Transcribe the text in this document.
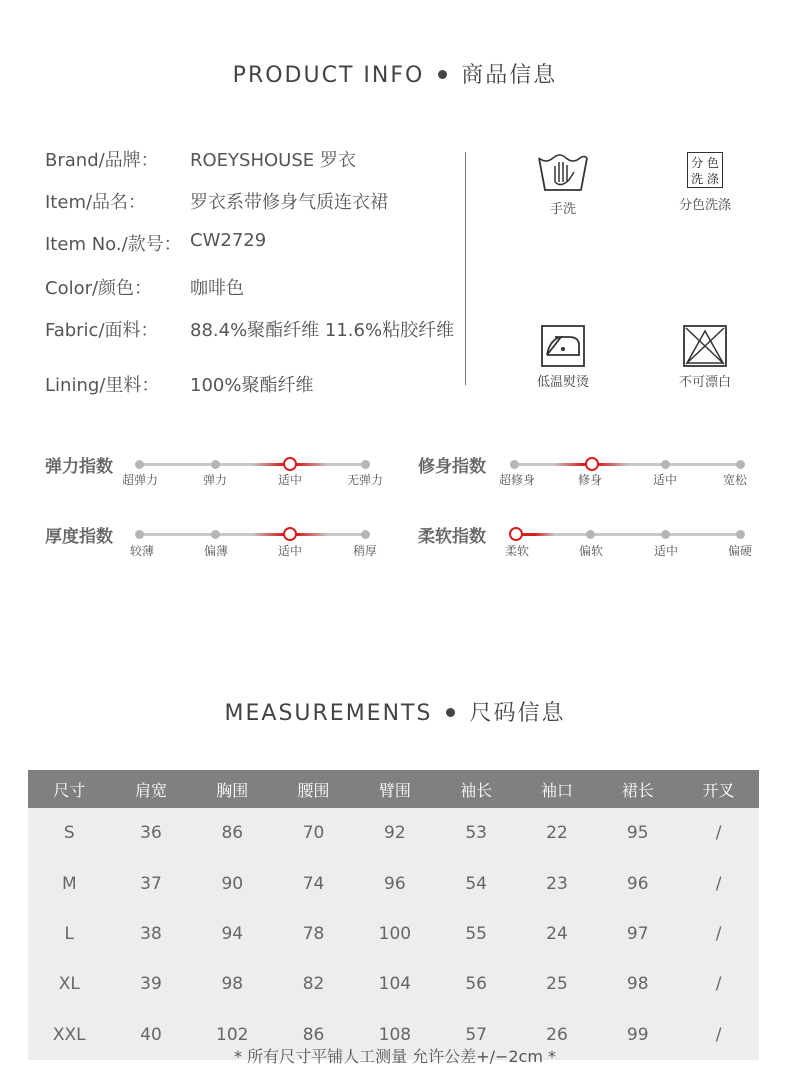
PRODUCT INFO 商品信息
Brand/品牌： ROEYSHOUSE 罗衣
Item/品名： 罗衣系带修身气质连衣裙
Item No./款号： CW2729
Color/颜色： 咖啡色
Fabric/面料： 88.4%聚酯纤维 11.6%粘胶纤维
Lining/里料： 100%聚酯纤维
手洗
分 色
洗 涤
分色洗涤
低温熨烫	不可漂白
弹力指数
超弹力	弹力	适中	无弹力
修身指数
超修身	修身	适中	宽松
厚度指数
较薄	偏薄	适中	稍厚
柔软指数
柔软	偏软	适中	偏硬
MEASUREMENTS 尺码信息
尺寸	肩宽	胸围	腰围	臂围	袖长	袖口	裙长	开叉
S	36	86	70	92	53	22	95	/
M	37	90	74	96	54	23	96	/
L	38	94	78	100	55	24	97	/
XL	39	98	82	104	56	25	98	/
XXL	40	102	86	108	57	26	99	/
* 所有尺寸平铺人工测量 允许公差+/−2cm *
